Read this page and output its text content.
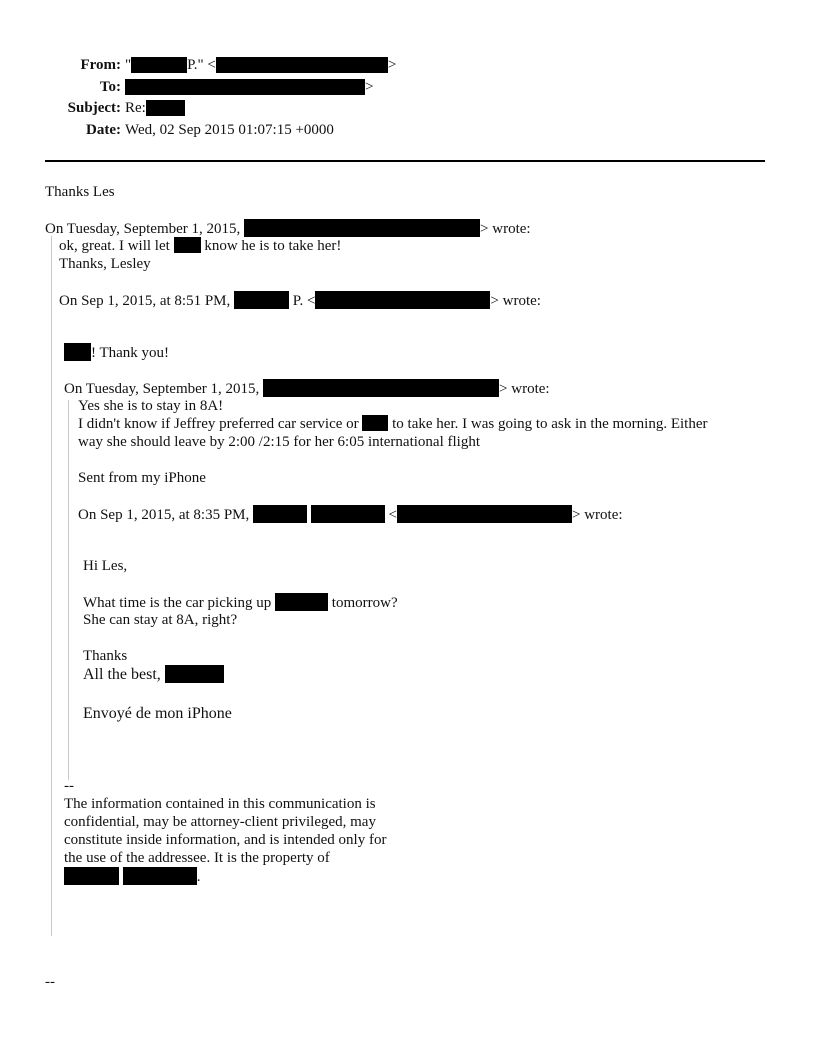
From: "	P." <	>
To:	>
Subject: Re:
Date: Wed, 02 Sep 2015 01:07:15 +0000
Thanks Les
On Tuesday, September 1, 2015,	> wrote:
ok, great. I will let  know he is to take her!
Thanks, Lesley
On Sep 1, 2015, at 8:51 PM,	P. <	> wrote:
! Thank you!
On Tuesday, September 1, 2015,	> wrote:
Yes she is to stay in 8A!
I didn't know if Jeffrey preferred car service or  to take her. I was going to ask in the morning. Either
way she should leave by 2:00 /2:15 for her 6:05 international flight
Sent from my iPhone
On Sep 1, 2015, at 8:35 PM,	<	> wrote:
Hi Les,
What time is the car picking up	tomorrow?
She can stay at 8A, right?
Thanks
All the best,
Envoyé de mon iPhone
--
The information contained in this communication is
confidential, may be attorney-client privileged, may
constitute inside information, and is intended only for
the use of the addressee. It is the property of
.
--
